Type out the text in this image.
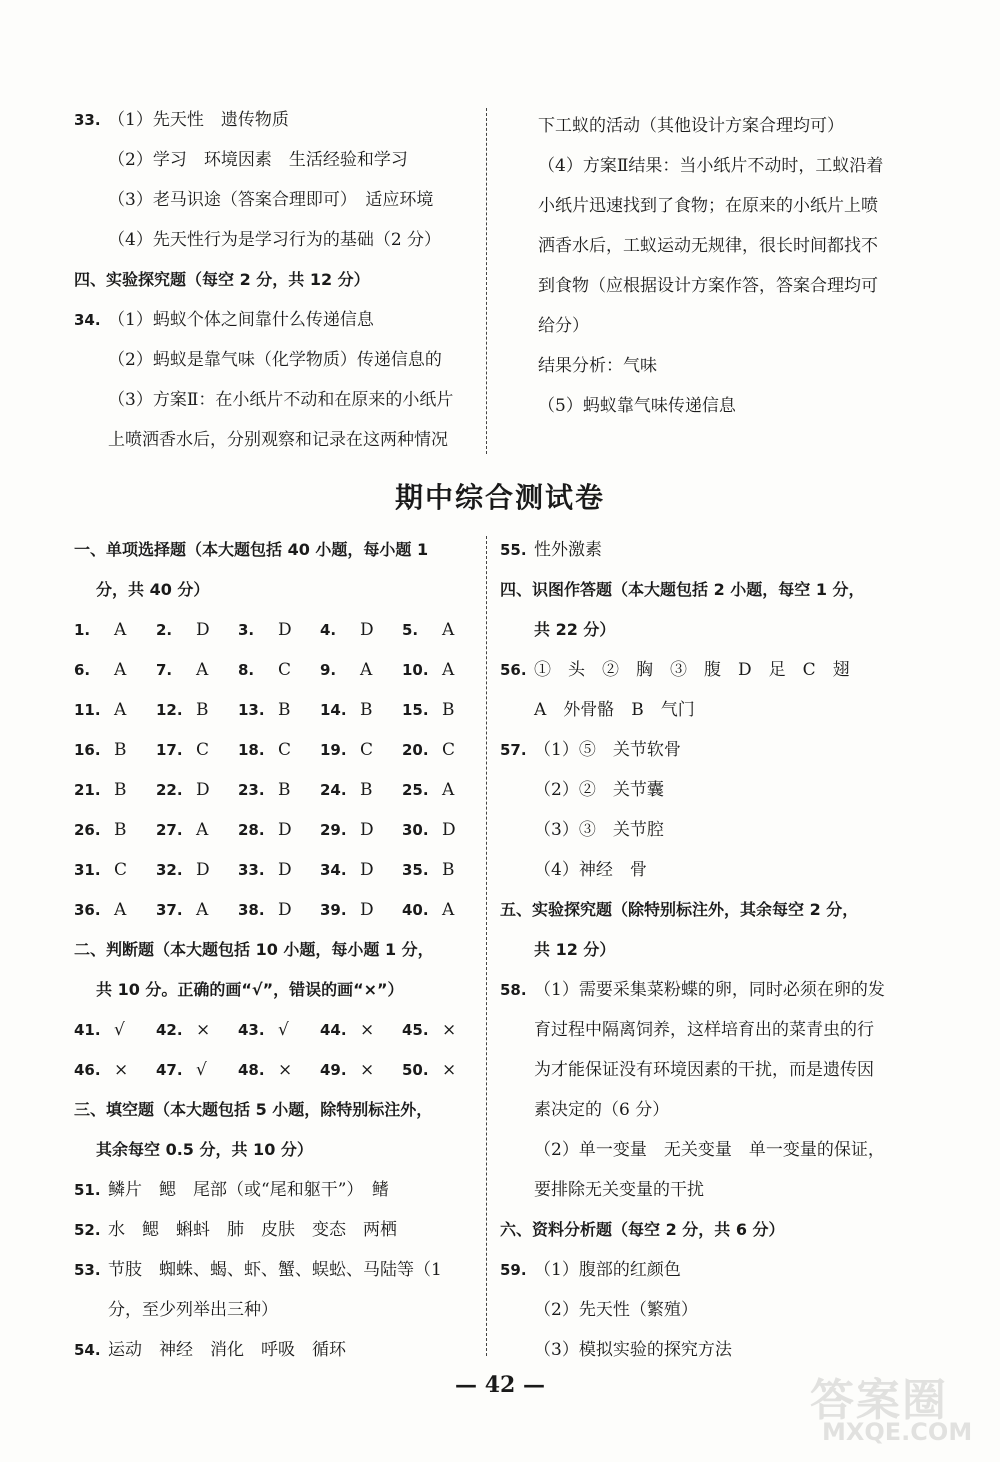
33. （1）先天性　遗传物质
（2）学习　环境因素　生活经验和学习
（3）老马识途（答案合理即可）　适应环境
（4）先天性行为是学习行为的基础（2 分）
四、实验探究题（每空 2 分，共 12 分）
34. （1）蚂蚁个体之间靠什么传递信息
（2）蚂蚁是靠气味（化学物质）传递信息的
（3）方案Ⅱ：在小纸片不动和在原来的小纸片
上喷洒香水后，分别观察和记录在这两种情况
下工蚁的活动（其他设计方案合理均可）
（4）方案Ⅱ结果：当小纸片不动时，工蚁沿着
小纸片迅速找到了食物；在原来的小纸片上喷
洒香水后，工蚁运动无规律，很长时间都找不
到食物（应根据设计方案作答，答案合理均可
给分）
结果分析：气味
（5）蚂蚁靠气味传递信息
期中综合测试卷
一、单项选择题（本大题包括 40 小题，每小题 1
分，共 40 分）
1. A	2. D	3. D	4. D	5. A
6. A	7. A	8. C	9. A	10. A
11. A	12. B	13. B	14. B	15. B
16. B	17. C	18. C	19. C	20. C
21. B	22. D	23. B	24. B	25. A
26. B	27. A	28. D	29. D	30. D
31. C	32. D	33. D	34. D	35. B
36. A	37. A	38. D	39. D	40. A
二、判断题（本大题包括 10 小题，每小题 1 分，
共 10 分。正确的画“√”，错误的画“×”）
41. √	42. ×	43. √	44. ×	45. ×
46. ×	47. √	48. ×	49. ×	50. ×
三、填空题（本大题包括 5 小题，除特别标注外，
其余每空 0.5 分，共 10 分）
51. 鳞片　鳃　尾部（或“尾和躯干”）　鳍
52. 水　鳃　蝌蚪　肺　皮肤　变态　两栖
53. 节肢　蜘蛛、蝎、虾、蟹、蜈蚣、马陆等（1
分，至少列举出三种）
54. 运动　神经　消化　呼吸　循环
55. 性外激素
四、识图作答题（本大题包括 2 小题，每空 1 分，
共 22 分）
56. ①　头　②　胸　③　腹　D　足　C　翅
A　外骨骼　B　气门
57. （1）⑤　关节软骨
（2）②　关节囊
（3）③　关节腔
（4）神经　骨
五、实验探究题（除特别标注外，其余每空 2 分，
共 12 分）
58. （1）需要采集菜粉蝶的卵，同时必须在卵的发
育过程中隔离饲养，这样培育出的菜青虫的行
为才能保证没有环境因素的干扰，而是遗传因
素决定的（6 分）
（2）单一变量　无关变量　单一变量的保证，
要排除无关变量的干扰
六、资料分析题（每空 2 分，共 6 分）
59. （1）腹部的红颜色
（2）先天性（繁殖）
（3）模拟实验的探究方法
— 42 —	答案圈
MXQE.COM
